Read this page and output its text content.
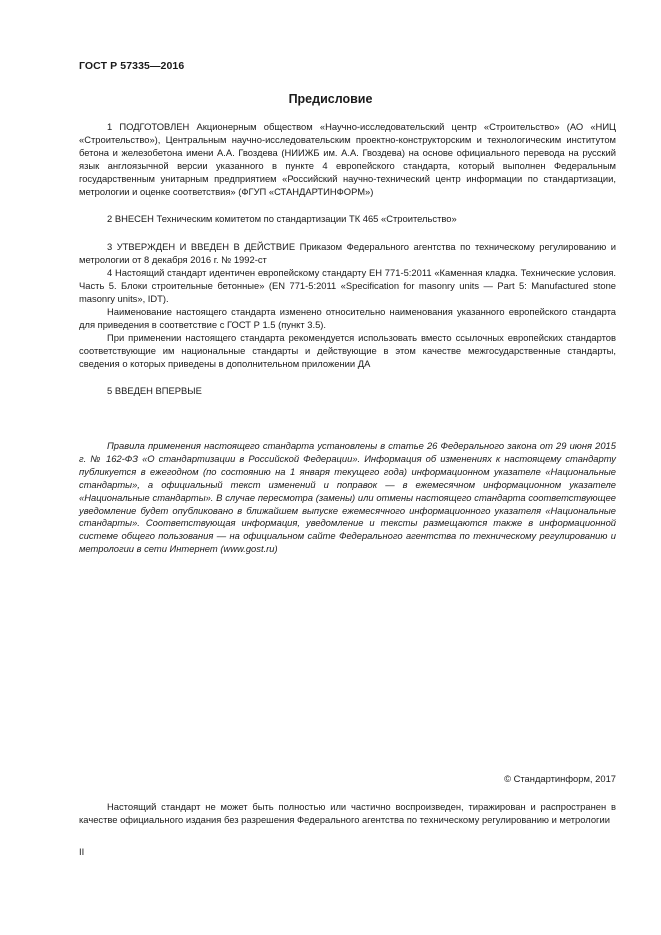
ГОСТ Р 57335—2016
Предисловие

1 ПОДГОТОВЛЕН Акционерным обществом «Научно-исследовательский центр «Строительство» (АО «НИЦ «Строительство»), Центральным научно-исследовательским проектно-конструкторским и технологическим институтом бетона и железобетона имени А.А. Гвоздева (НИИЖБ им. А.А. Гвоздева) на основе официального перевода на русский язык англоязычной версии указанного в пункте 4 европейского стандарта, который выполнен Федеральным государственным унитарным предприятием «Российский научно-технический центр информации по стандартизации, метрологии и оценке соответствия» (ФГУП «СТАНДАРТИНФОРМ»)

2 ВНЕСЕН Техническим комитетом по стандартизации ТК 465 «Строительство»

3 УТВЕРЖДЕН И ВВЕДЕН В ДЕЙСТВИЕ Приказом Федерального агентства по техническому регулированию и метрологии от 8 декабря 2016 г. № 1992-ст

4 Настоящий стандарт идентичен европейскому стандарту ЕН 771-5:2011 «Каменная кладка. Технические условия. Часть 5. Блоки строительные бетонные» (EN 771-5:2011 «Specification for masonry units — Part 5: Manufactured stone masonry units», IDT).

Наименование настоящего стандарта изменено относительно наименования указанного европейского стандарта для приведения в соответствие с ГОСТ Р 1.5 (пункт 3.5).

При применении настоящего стандарта рекомендуется использовать вместо ссылочных европейских стандартов соответствующие им национальные стандарты и действующие в этом качестве межгосударственные стандарты, сведения о которых приведены в дополнительном приложении ДА

5 ВВЕДЕН ВПЕРВЫЕ

Правила применения настоящего стандарта установлены в статье 26 Федерального закона от 29 июня 2015 г. № 162-ФЗ «О стандартизации в Российской Федерации». Информация об изменениях к настоящему стандарту публикуется в ежегодном (по состоянию на 1 января текущего года) информационном указателе «Национальные стандарты», а официальный текст изменений и поправок — в ежемесячном информационном указателе «Национальные стандарты». В случае пересмотра (замены) или отмены настоящего стандарта соответствующее уведомление будет опубликовано в ближайшем выпуске ежемесячного информационного указателя «Национальные стандарты». Соответствующая информация, уведомление и тексты размещаются также в информационной системе общего пользования — на официальном сайте Федерального агентства по техническому регулированию и метрологии в сети Интернет (www.gost.ru)

© Стандартинформ, 2017

Настоящий стандарт не может быть полностью или частично воспроизведен, тиражирован и распространен в качестве официального издания без разрешения Федерального агентства по техническому регулированию и метрологии

II
